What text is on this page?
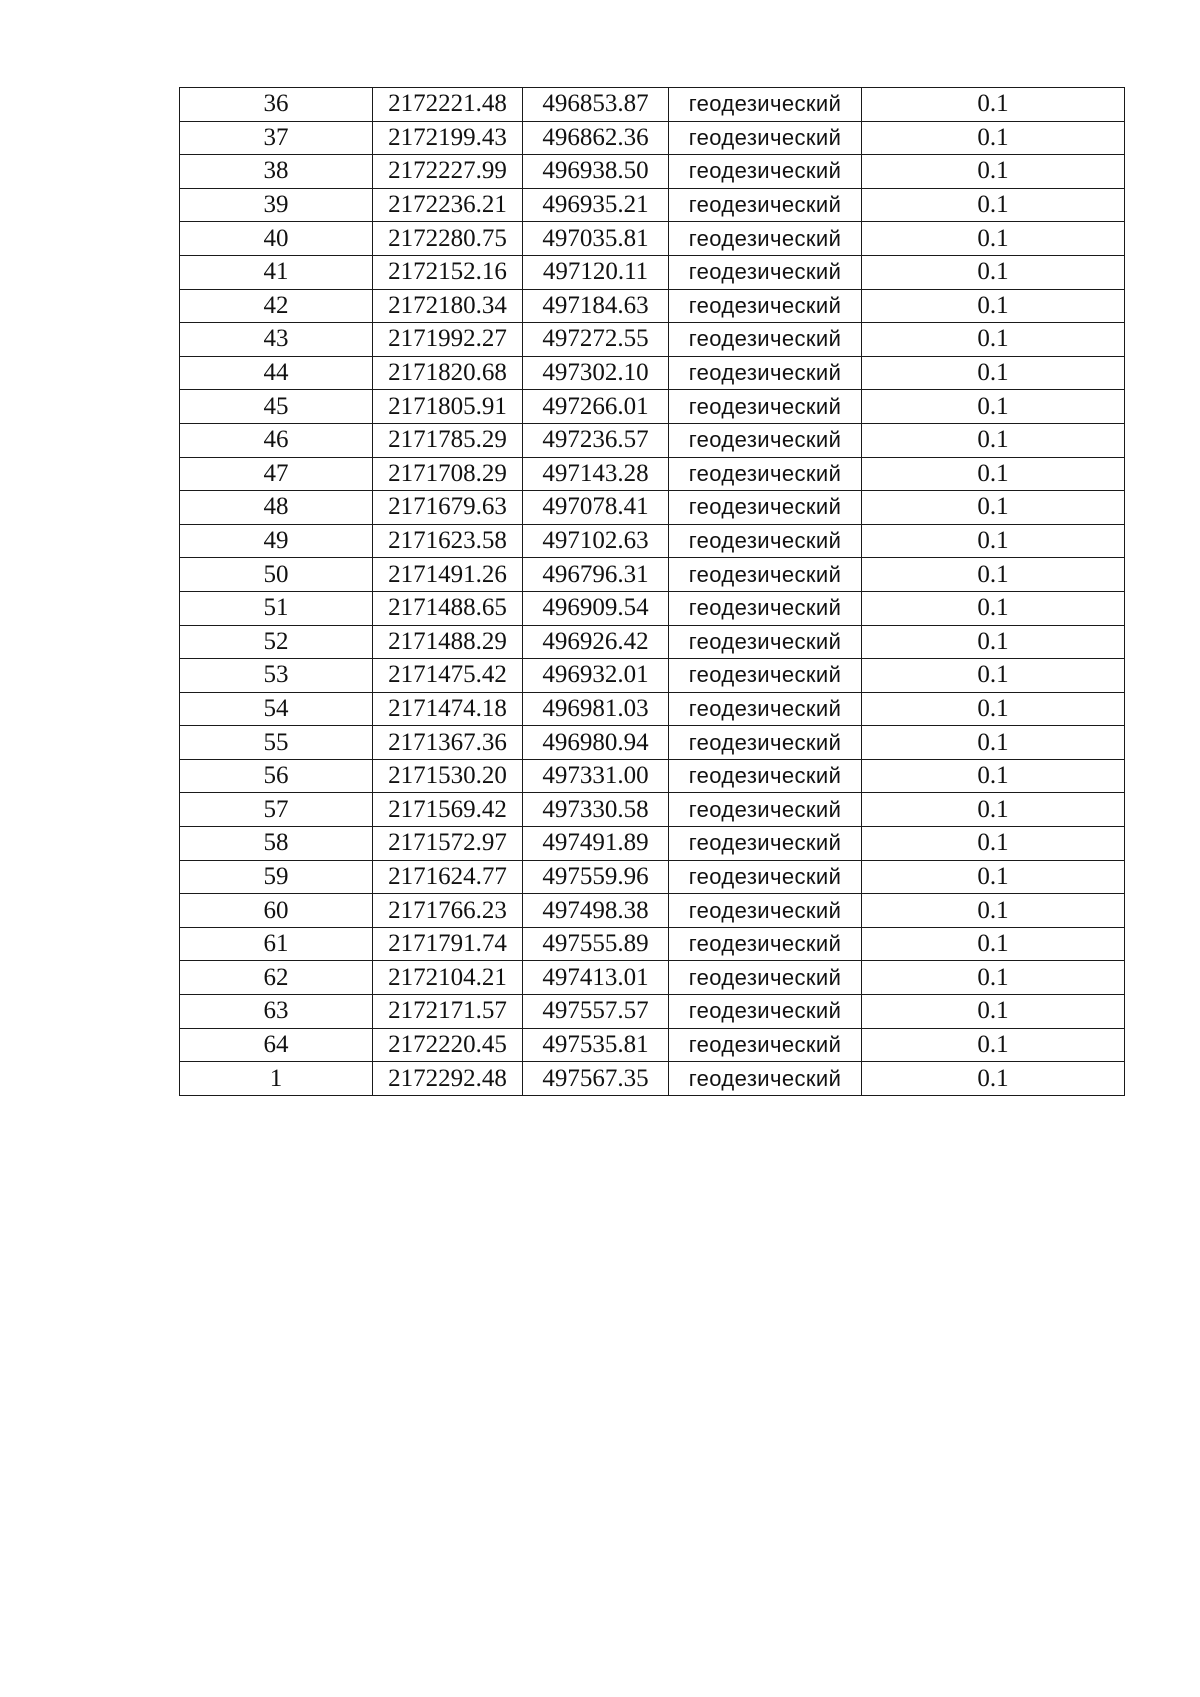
36	2172221.48	496853.87	геодезический	0.1
37	2172199.43	496862.36	геодезический	0.1
38	2172227.99	496938.50	геодезический	0.1
39	2172236.21	496935.21	геодезический	0.1
40	2172280.75	497035.81	геодезический	0.1
41	2172152.16	497120.11	геодезический	0.1
42	2172180.34	497184.63	геодезический	0.1
43	2171992.27	497272.55	геодезический	0.1
44	2171820.68	497302.10	геодезический	0.1
45	2171805.91	497266.01	геодезический	0.1
46	2171785.29	497236.57	геодезический	0.1
47	2171708.29	497143.28	геодезический	0.1
48	2171679.63	497078.41	геодезический	0.1
49	2171623.58	497102.63	геодезический	0.1
50	2171491.26	496796.31	геодезический	0.1
51	2171488.65	496909.54	геодезический	0.1
52	2171488.29	496926.42	геодезический	0.1
53	2171475.42	496932.01	геодезический	0.1
54	2171474.18	496981.03	геодезический	0.1
55	2171367.36	496980.94	геодезический	0.1
56	2171530.20	497331.00	геодезический	0.1
57	2171569.42	497330.58	геодезический	0.1
58	2171572.97	497491.89	геодезический	0.1
59	2171624.77	497559.96	геодезический	0.1
60	2171766.23	497498.38	геодезический	0.1
61	2171791.74	497555.89	геодезический	0.1
62	2172104.21	497413.01	геодезический	0.1
63	2172171.57	497557.57	геодезический	0.1
64	2172220.45	497535.81	геодезический	0.1
1	2172292.48	497567.35	геодезический	0.1
